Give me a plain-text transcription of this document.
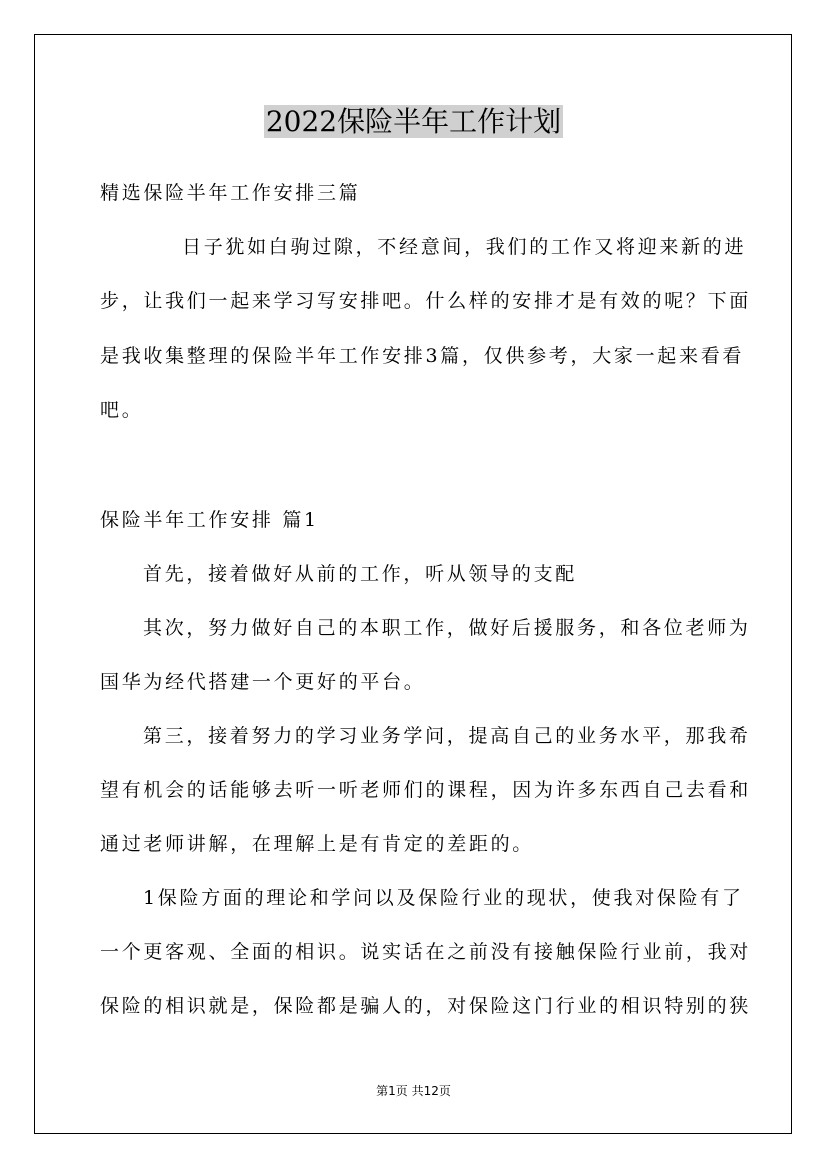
2022保险半年工作计划
精选保险半年工作安排三篇
日子犹如白驹过隙，不经意间，我们的工作又将迎来新的进
步，让我们一起来学习写安排吧。什么样的安排才是有效的呢？下面
是我收集整理的保险半年工作安排3篇，仅供参考，大家一起来看看
吧。
保险半年工作安排 篇1
首先，接着做好从前的工作，听从领导的支配
其次，努力做好自己的本职工作，做好后援服务，和各位老师为
国华为经代搭建一个更好的平台。
第三，接着努力的学习业务学问，提高自己的业务水平，那我希
望有机会的话能够去听一听老师们的课程，因为许多东西自己去看和
通过老师讲解，在理解上是有肯定的差距的。
1保险方面的理论和学问以及保险行业的现状，使我对保险有了
一个更客观、全面的相识。说实话在之前没有接触保险行业前，我对
保险的相识就是，保险都是骗人的，对保险这门行业的相识特别的狭
第1页 共12页
